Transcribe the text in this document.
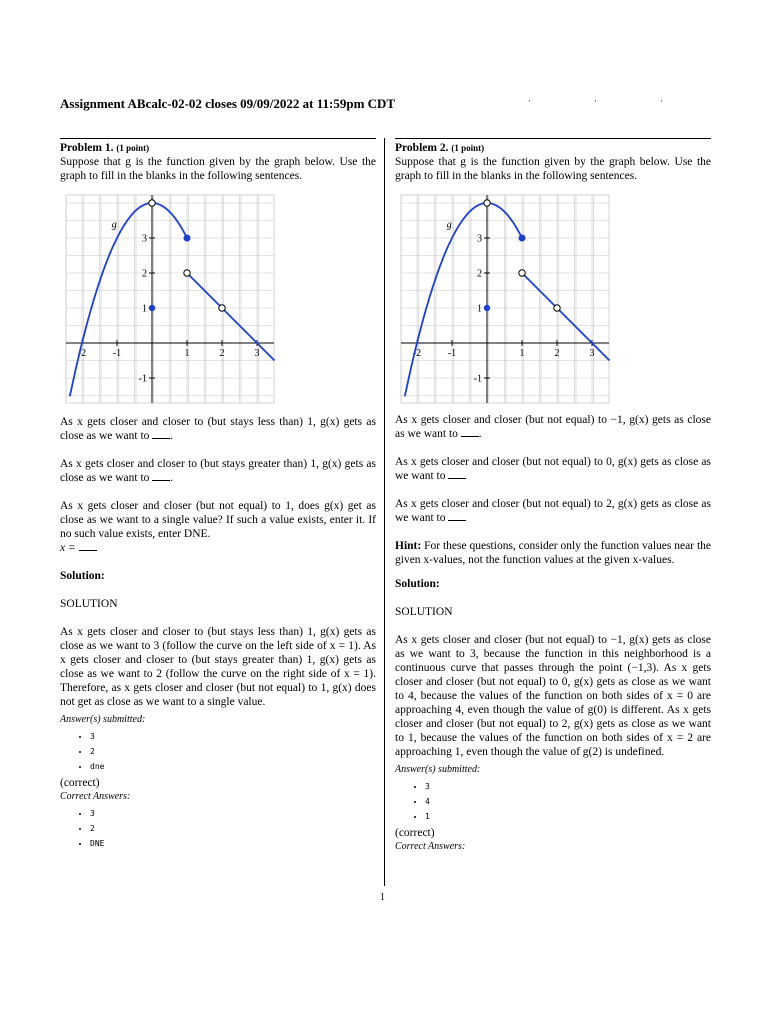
Assignment ABcalc-02-02 closes 09/09/2022 at 11:59pm CDT	·	·	·
Problem 1. (1 point)

Suppose that g is the function given by the graph below. Use the graph to fill in the blanks in the following sentences.

-2	-1	1	2	3
-1
1
2
3
g

As x gets closer and closer to (but stays less than) 1, g(x) gets as close as we want to .

As x gets closer and closer to (but stays greater than) 1, g(x) gets as close as we want to .

As x gets closer and closer (but not equal) to 1, does g(x) get as close as we want to a single value? If such a value exists, enter it. If no such value exists, enter DNE.

x =

Solution:

SOLUTION

As x gets closer and closer to (but stays less than) 1, g(x) gets as close as we want to 3 (follow the curve on the left side of x = 1). As x gets closer and closer to (but stays greater than) 1, g(x) gets as close as we want to 2 (follow the curve on the right side of x = 1). Therefore, as x gets closer and closer (but not equal) to 1, g(x) does not get as close as we want to a single value.

Answer(s) submitted:
• 3
• 2
• dne
(correct)
Correct Answers:
• 3
• 2
• DNE
Problem 2. (1 point)

Suppose that g is the function given by the graph below. Use the graph to fill in the blanks in the following sentences.

-2	-1	1	2	3
-1
1
2
3
g

As x gets closer and closer (but not equal) to −1, g(x) gets as close as we want to .

As x gets closer and closer (but not equal) to 0, g(x) gets as close as we want to

As x gets closer and closer (but not equal) to 2, g(x) gets as close as we want to

Hint: For these questions, consider only the function values near the given x-values, not the function values at the given x-values.

Solution:

SOLUTION

As x gets closer and closer (but not equal) to −1, g(x) gets as close as we want to 3, because the function in this neighborhood is a continuous curve that passes through the point (−1,3). As x gets closer and closer (but not equal) to 0, g(x) gets as close as we want to 4, because the values of the function on both sides of x = 0 are approaching 4, even though the value of g(0) is different. As x gets closer and closer (but not equal) to 2, g(x) gets as close as we want to 1, because the values of the function on both sides of x = 2 are approaching 1, even though the value of g(2) is undefined.

Answer(s) submitted:
• 3
• 4
• 1
(correct)
Correct Answers:
1
